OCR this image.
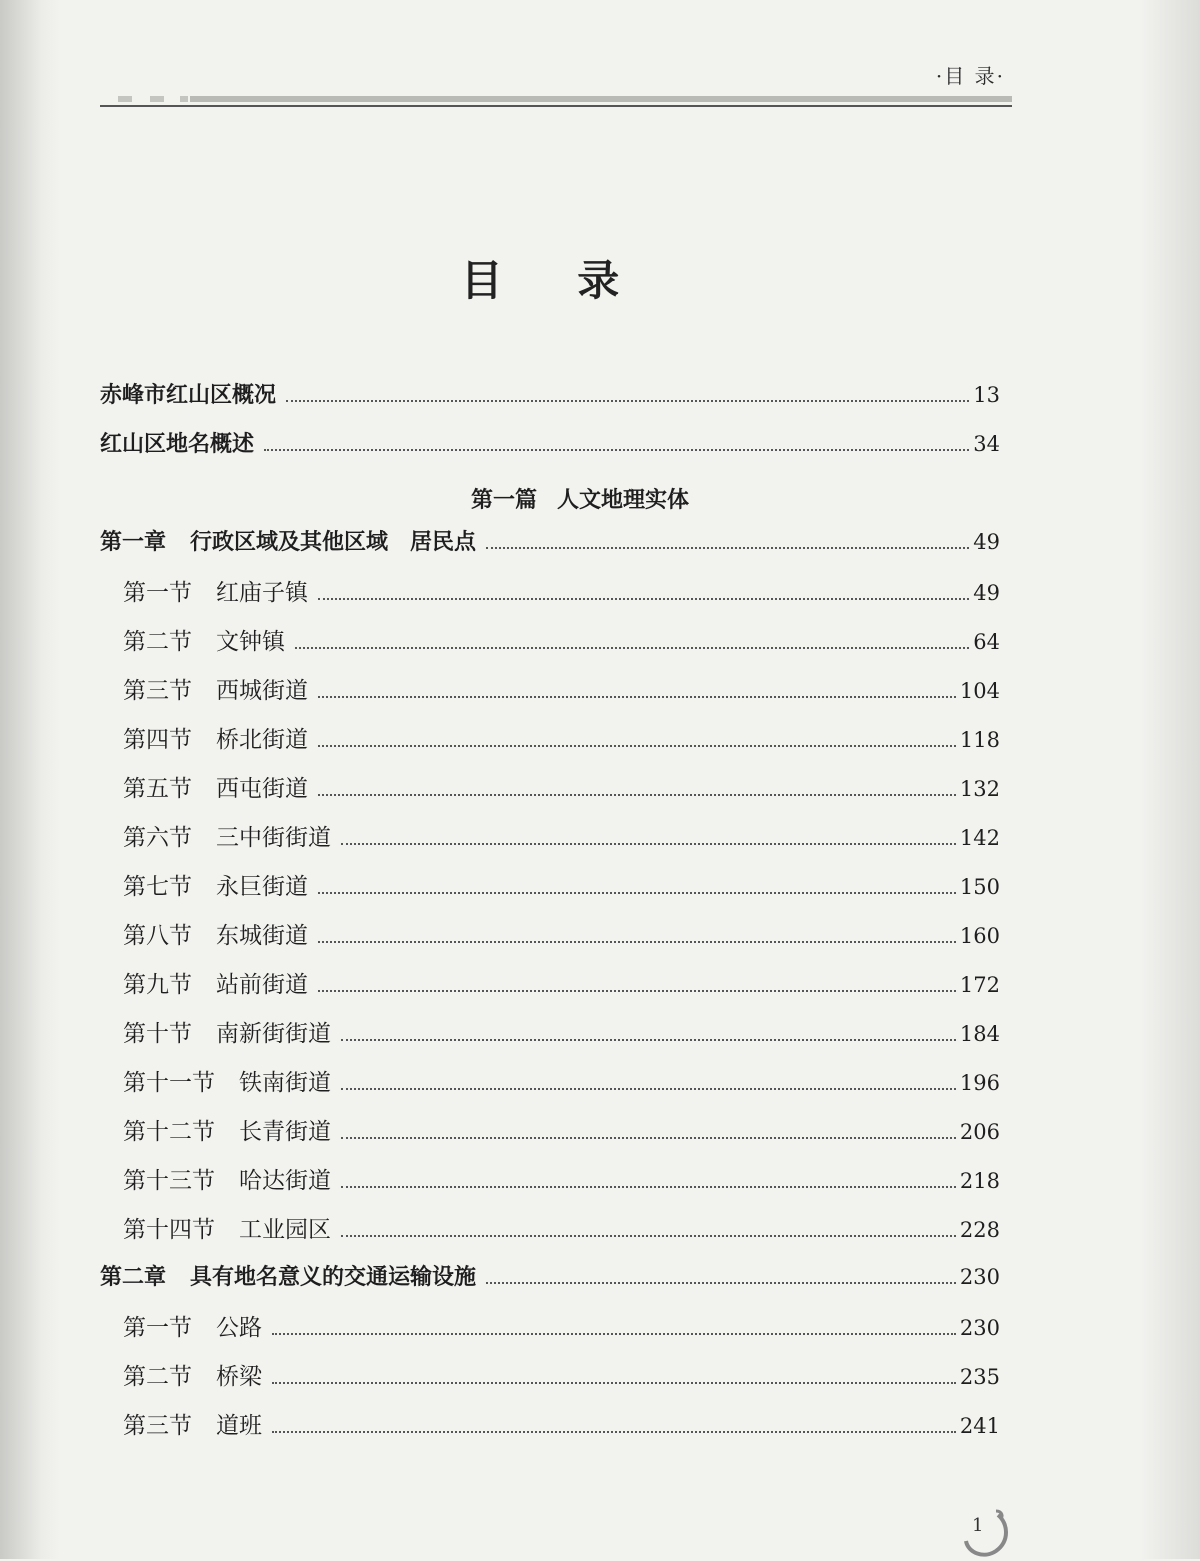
·目 录·
目 录
赤峰市红山区概况	13
红山区地名概述	34
第一篇 人文地理实体
第一章 行政区域及其他区域　居民点	49
第一节 红庙子镇	49
第二节 文钟镇	64
第三节 西城街道	104
第四节 桥北街道	118
第五节 西屯街道	132
第六节 三中街街道	142
第七节 永巨街道	150
第八节 东城街道	160
第九节 站前街道	172
第十节 南新街街道	184
第十一节 铁南街道	196
第十二节 长青街道	206
第十三节 哈达街道	218
第十四节 工业园区	228
第二章 具有地名意义的交通运输设施	230
第一节 公路	230
第二节 桥梁	235
第三节 道班	241
1
